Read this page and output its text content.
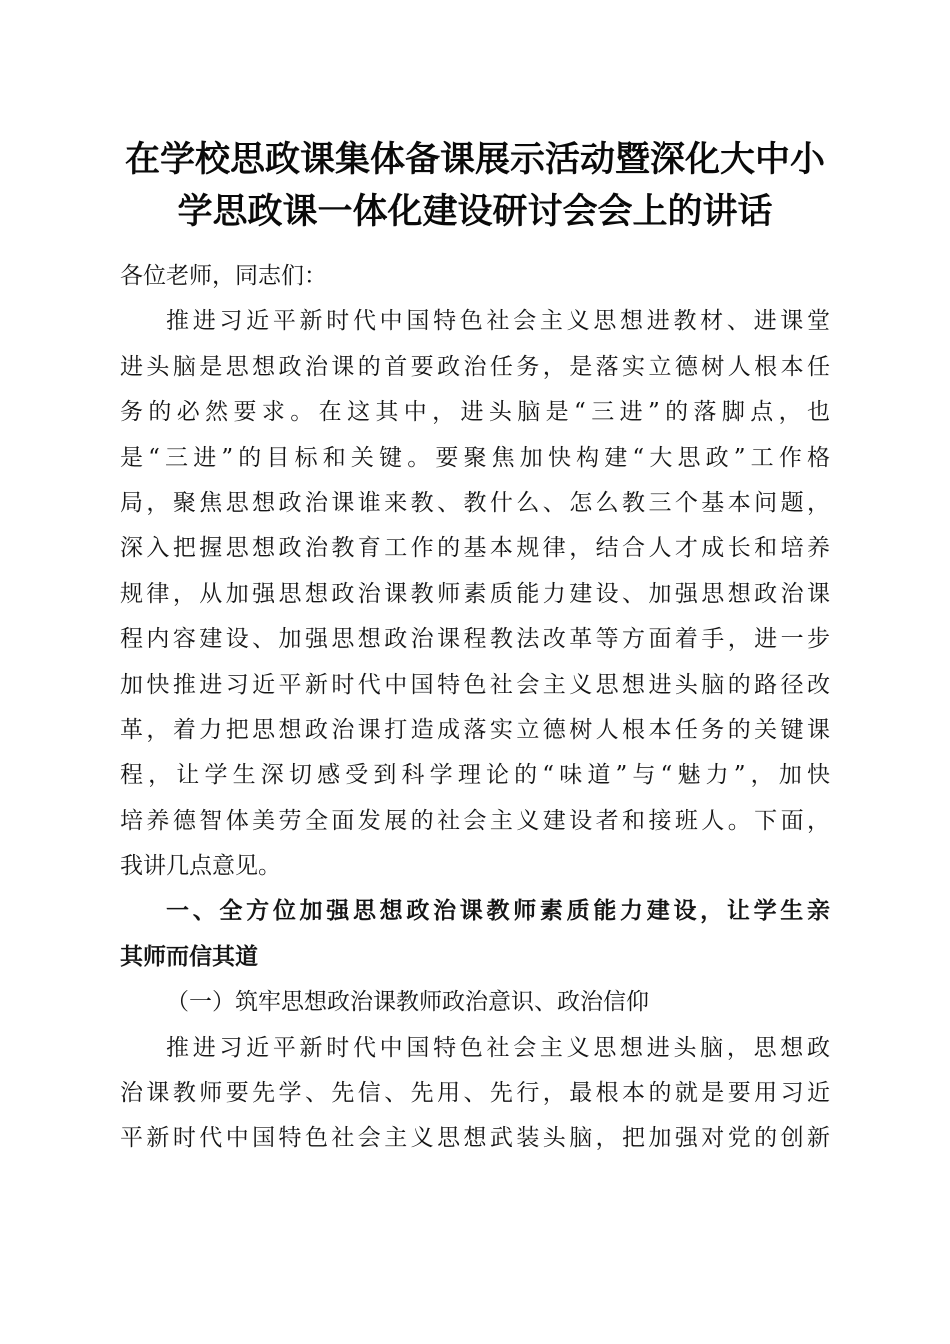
在学校思政课集体备课展示活动暨深化大中小
学思政课一体化建设研讨会会上的讲话
各位老师，同志们：
推进习近平新时代中国特色社会主义思想进教材、进课堂
进头脑是思想政治课的首要政治任务，是落实立德树人根本任
务的必然要求。在这其中，进头脑是“三进”的落脚点，也
是“三进”的目标和关键。要聚焦加快构建“大思政”工作格
局，聚焦思想政治课谁来教、教什么、怎么教三个基本问题，
深入把握思想政治教育工作的基本规律，结合人才成长和培养
规律，从加强思想政治课教师素质能力建设、加强思想政治课
程内容建设、加强思想政治课程教法改革等方面着手，进一步
加快推进习近平新时代中国特色社会主义思想进头脑的路径改
革，着力把思想政治课打造成落实立德树人根本任务的关键课
程，让学生深切感受到科学理论的“味道”与“魅力”，加快
培养德智体美劳全面发展的社会主义建设者和接班人。下面，
我讲几点意见。
一、全方位加强思想政治课教师素质能力建设，让学生亲
其师而信其道
（一）筑牢思想政治课教师政治意识、政治信仰
推进习近平新时代中国特色社会主义思想进头脑，思想政
治课教师要先学、先信、先用、先行，最根本的就是要用习近
平新时代中国特色社会主义思想武装头脑，把加强对党的创新
